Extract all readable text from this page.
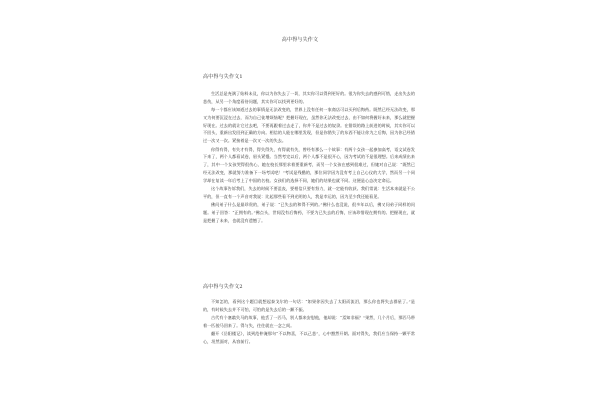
高中得与失作文
高中得与失作文1

生活总是充满了始料未及，你以为你失去了一切，其实你可以得到更好的。很为你失去的感到可惜，走出失去的悲伤，从另一个角度看待问题，其实你可以找到更好的。

每一个都应该知道过去的事情是无法改变的，世界上没有任何一家商店可以买到后悔药。既然已经无法改变，那又为何要沉浸在过去，而为自己徒增烦恼呢？把握好现在，虽然你无法改变过去，由不如何将握好未来，那么就把握好现在。过去的就让它过去吧，不要再跟着过去走了，你并不是过去的奴隶。在错误的路上前进的时候，其实你可以不回头，重新出发回到正确的方向。相信的人能在哪里发现，但是你错失了的东西不能让你为之后悔，因为你已经错过一次又一次。紧接着是一次又一次的失去。

你得有得，有失才有得，得失得失，有得就有失，曾经有那么一个故事：有两个女孩一起参加高考，语文试卷发下来了，两个人都看试卷，眉头紧蹙。当然考完以后，两个人都不是很开心，因为考试的不是很理想。后来成绩出来了，其中一个女孩哭得很伤心，她在校长那里求着要重新考，而另一个女孩在感到很难过，但她对自己说：“既然已经无法改变，那就努力准备下一场考试吧！”考试是残酷的，那位同学因为没有考上自己心仪的大学，然而另一个同学却在复读一年后考上了中国的名校。女孩们的选择不同，她们的结果也就不同。这便是心态决定命运。

这个故事告诉我们，失去的时候不要沮丧，要相信只要有努力，就一定能有收获。我们常说：生活本来就是不公平的，但一直有一个声音对我说：比起那些看不到光明的人，我是幸运的，因为至少我还能看见。

佛问弟子什么是最珍贵的，弟子说：“已失去的和得不到的。”佛什么也没说，很多年以后，佛又问弟子同样的问题。弟子回答：“正拥有的。”佛点头，世间没有后悔药，不要为已失去的后悔，应该珍惜现在拥有的。把握现在，就是把握了未来，也就没有遗憾了。

高中得与失作文2

不知怎的，看到这个题目就想起泰戈尔的一句话：“如果你因失去了太阳而流泪，那么你也将失去群星了。”是的，有时候失去并不可怕，可怕的是失去后的一蹶不振。

古代有个塞翁失马的故事，他丢了一匹马，别人都来安慰他，他却说：“焉知非福？”果然，几个月后，那匹马带着一匹骏马回来了。得与失，往往就在一念之间。

翻开《岳阳楼记》，读到范仲淹那句“不以物喜，不以己悲”，心中豁然开朗。面对得失，我们应当保持一颗平常心，坦然面对，从容前行。
